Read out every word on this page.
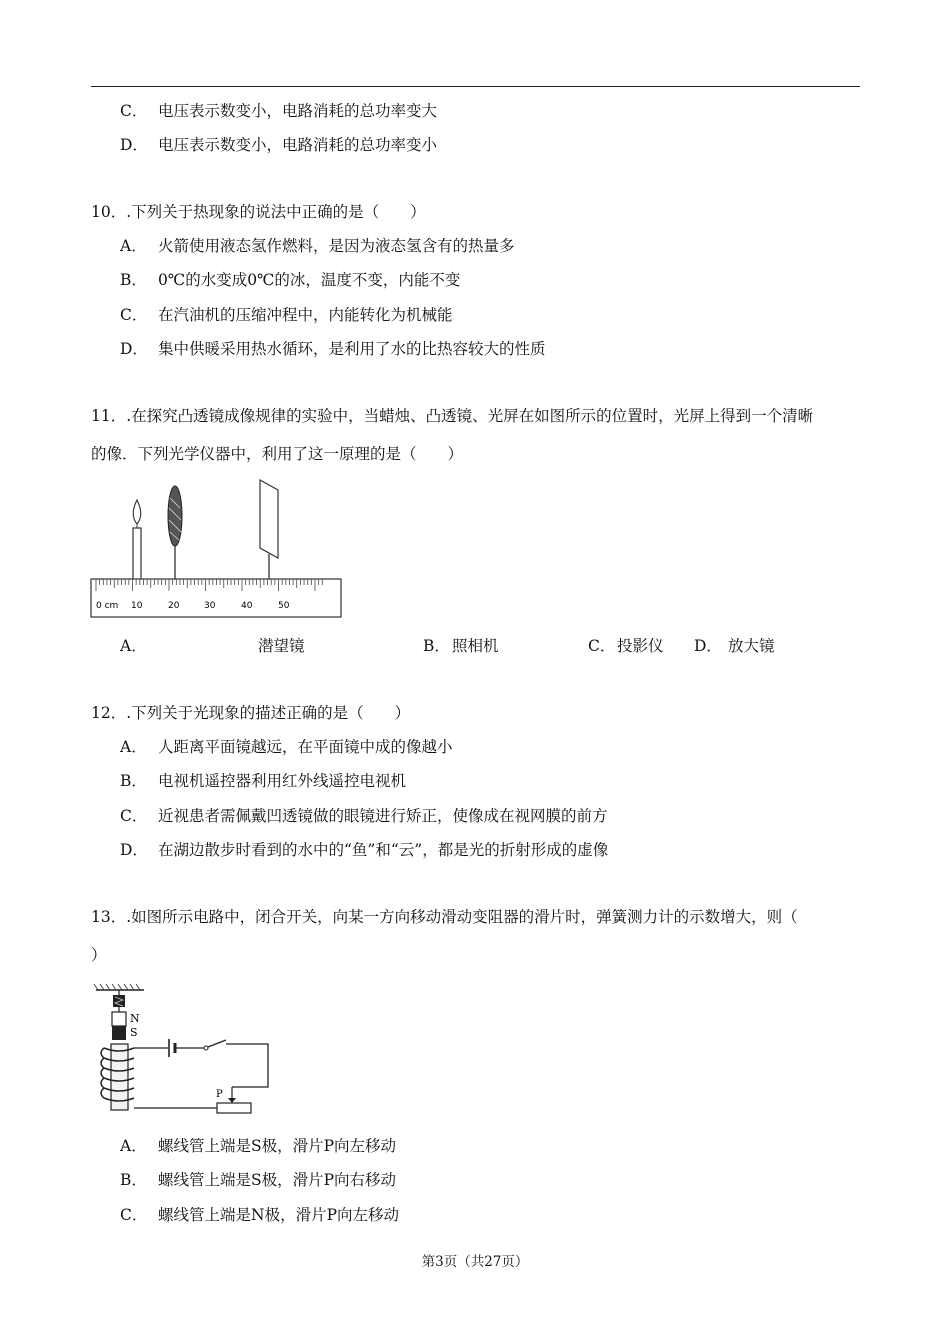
C． 电压表示数变小，电路消耗的总功率变大
D． 电压表示数变小，电路消耗的总功率变小
10．.下列关于热现象的说法中正确的是（　　）
A． 火箭使用液态氢作燃料，是因为液态氢含有的热量多
B． 0℃的水变成0℃的冰，温度不变，内能不变
C． 在汽油机的压缩冲程中，内能转化为机械能
D． 集中供暖采用热水循环，是利用了水的比热容较大的性质
11．.在探究凸透镜成像规律的实验中，当蜡烛、凸透镜、光屏在如图所示的位置时，光屏上得到一个清晰
的像．下列光学仪器中，利用了这一原理的是（　　）
0 cm 10	20	30	40	50
A．	潜望镜	B． 照相机	C． 投影仪 D． 放大镜
12．.下列关于光现象的描述正确的是（　　）
A． 人距离平面镜越远，在平面镜中成的像越小
B． 电视机遥控器利用红外线遥控电视机
C． 近视患者需佩戴凹透镜做的眼镜进行矫正，使像成在视网膜的前方
D． 在湖边散步时看到的水中的“鱼”和“云”，都是光的折射形成的虚像
13．.如图所示电路中，闭合开关，向某一方向移动滑动变阻器的滑片时，弹簧测力计的示数增大，则（
）
N
S
P
A． 螺线管上端是S极，滑片P向左移动
B． 螺线管上端是S极，滑片P向右移动
C． 螺线管上端是N极，滑片P向左移动
第3页（共27页）
